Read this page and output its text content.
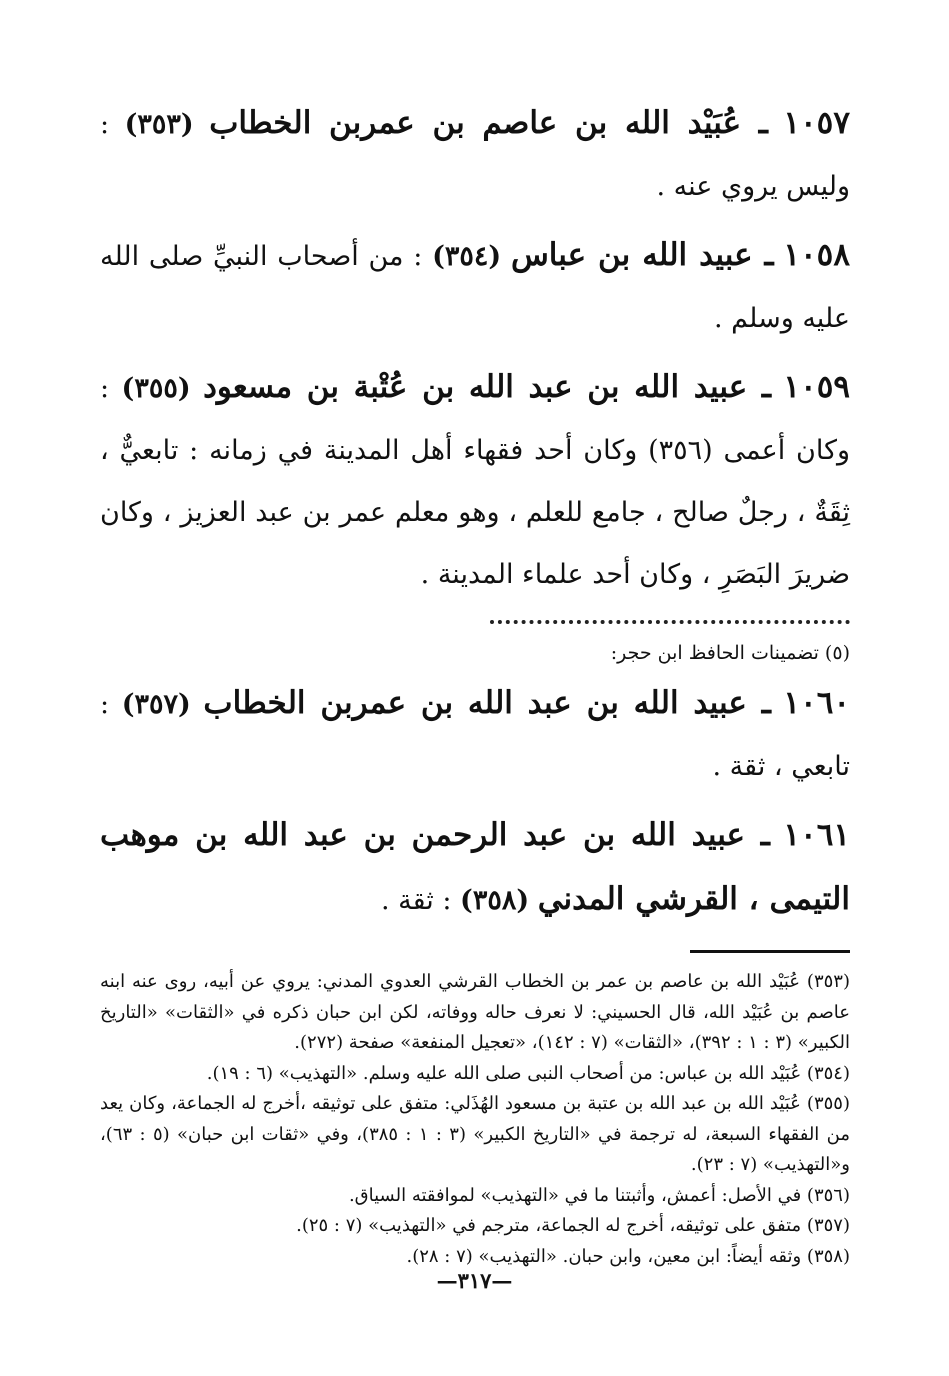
١٠٥٧ ـ عُبَيْد الله بن عاصم بن عمربن الخطاب (٣٥٣) : وليس يروي عنه .

١٠٥٨ ـ عبيد الله بن عباس (٣٥٤) : من أصحاب النبيِّ صلى الله عليه وسلم .

١٠٥٩ ـ عبيد الله بن عبد الله بن عُتْبة بن مسعود (٣٥٥) : وكان أعمى (٣٥٦) وكان أحد فقهاء أهل المدينة في زمانه : تابعيٌّ ، ثِقَةٌ ، رجلٌ صالح ، جامع للعلم ، وهو معلم عمر بن عبد العزيز ، وكان ضريرَ البَصَرِ ، وكان أحد علماء المدينة .

(٥) تضمينات الحافظ ابن حجر:

١٠٦٠ ـ عبيد الله بن عبد الله بن عمربن الخطاب (٣٥٧) : تابعي ، ثقة .

١٠٦١ ـ عبيد الله بن عبد الرحمن بن عبد الله بن موهب التيمى ، القرشي المدني (٣٥٨) : ثقة .

(٣٥٣) عُبَيْد الله بن عاصم بن عمر بن الخطاب القرشي العدوي المدني: يروي عن أبيه، روى عنه ابنه عاصم بن عُبَيْد الله، قال الحسيني: لا نعرف حاله ووفاته، لكن ابن حبان ذكره في «الثقات» «التاريخ الكبير» (٣ : ١ : ٣٩٢)، «الثقات» (٧ : ١٤٢)، «تعجيل المنفعة» صفحة (٢٧٢).

(٣٥٤) عُبَيْد الله بن عباس: من أصحاب النبى صلى الله عليه وسلم. «التهذيب» (٦ : ١٩).

(٣٥٥) عُبَيْد الله بن عبد الله بن عتبة بن مسعود الهُذَلي: متفق على توثيقه ،أخرج له الجماعة، وكان يعد من الفقهاء السبعة، له ترجمة في «التاريخ الكبير» (٣ : ١ : ٣٨٥)، وفي «ثقات ابن حبان» (٥ : ٦٣)، و«التهذيب» (٧ : ٢٣).

(٣٥٦) في الأصل: أعمش، وأثبتنا ما في «التهذيب» لموافقته السياق.

(٣٥٧) متفق على توثيقه، أخرج له الجماعة، مترجم في «التهذيب» (٧ : ٢٥).

(٣٥٨) وثقه أيضاً: ابن معين، وابن حبان. «التهذيب» (٧ : ٢٨).

—٣١٧—
